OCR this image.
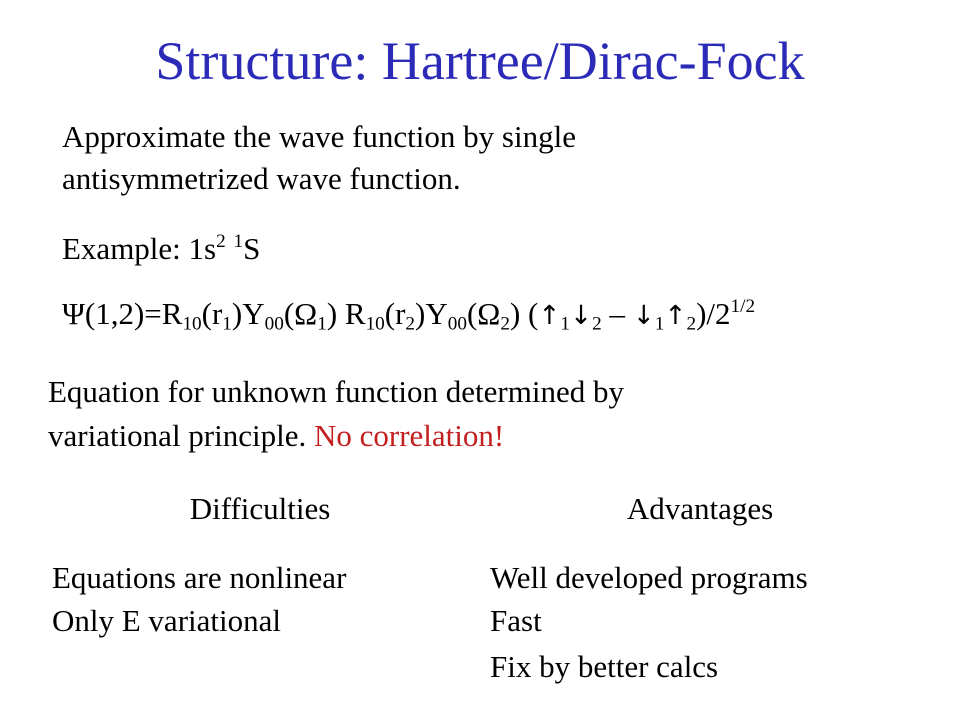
Structure: Hartree/Dirac-Fock
Approximate the wave function by single
antisymmetrized wave function.
Example: $1s^2$ $^1$S
$\Psi(1,2)=R_{10}(r_1)Y_{00}(\Omega_1)$ $R_{10}(r_2)Y_{00}(\Omega_2)$ ($↑_1↓_2$ – $↓_1↑_2)/2^{1/2}$
Equation for unknown function determined by
variational principle. No correlation!
Difficulties	Advantages
Equations are nonlinear
Only E variational
Well developed programs
Fast
Fix by better calcs
